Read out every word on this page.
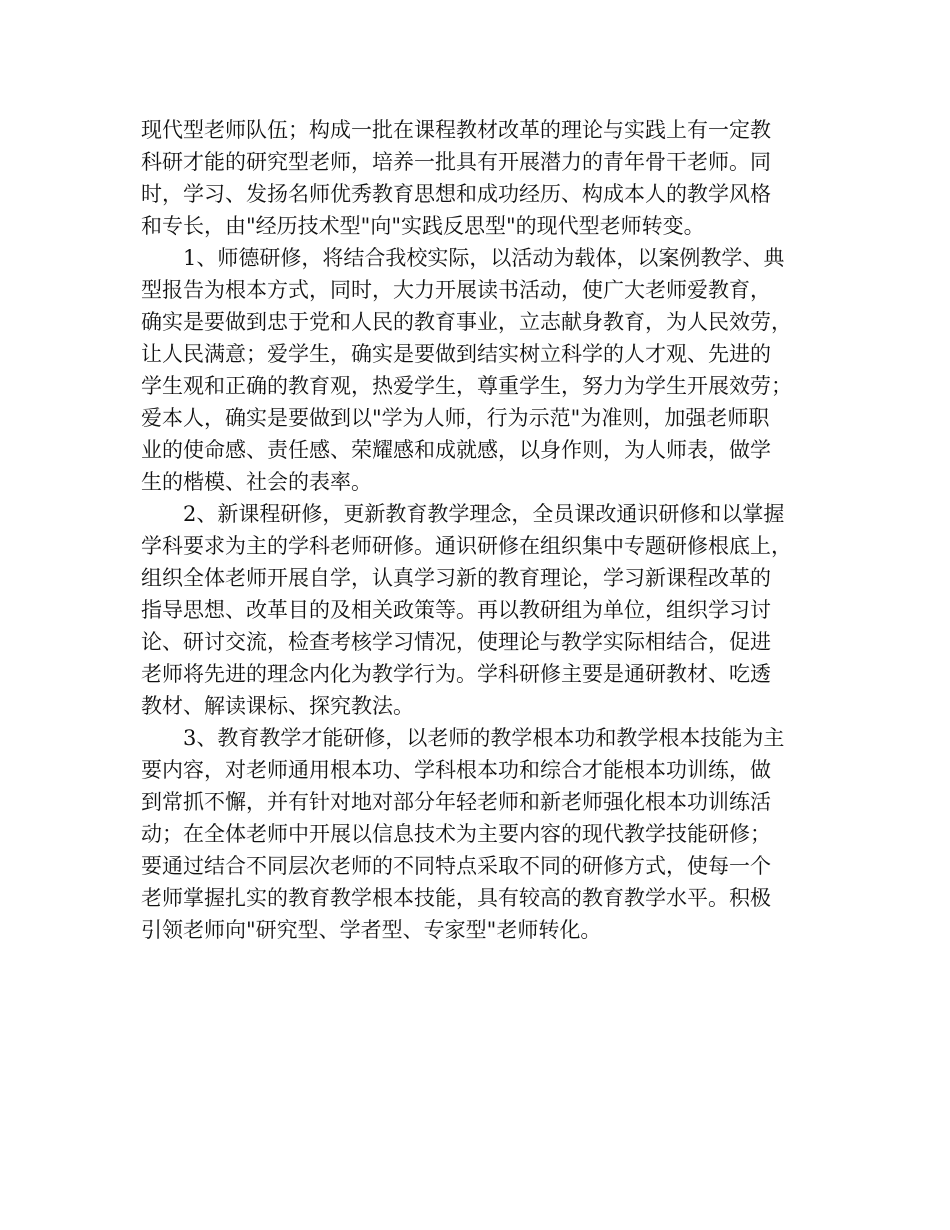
现代型老师队伍；构成一批在课程教材改革的理论与实践上有一定教
科研才能的研究型老师，培养一批具有开展潜力的青年骨干老师。同
时，学习、发扬名师优秀教育思想和成功经历、构成本人的教学风格
和专长，由"经历技术型"向"实践反思型"的现代型老师转变。
1、师德研修，将结合我校实际，以活动为载体，以案例教学、典
型报告为根本方式，同时，大力开展读书活动，使广大老师爱教育，
确实是要做到忠于党和人民的教育事业，立志献身教育，为人民效劳，
让人民满意；爱学生，确实是要做到结实树立科学的人才观、先进的
学生观和正确的教育观，热爱学生，尊重学生，努力为学生开展效劳；
爱本人，确实是要做到以"学为人师，行为示范"为准则，加强老师职
业的使命感、责任感、荣耀感和成就感，以身作则，为人师表，做学
生的楷模、社会的表率。
2、新课程研修，更新教育教学理念，全员课改通识研修和以掌握
学科要求为主的学科老师研修。通识研修在组织集中专题研修根底上，
组织全体老师开展自学，认真学习新的教育理论，学习新课程改革的
指导思想、改革目的及相关政策等。再以教研组为单位，组织学习讨
论、研讨交流，检查考核学习情况，使理论与教学实际相结合，促进
老师将先进的理念内化为教学行为。学科研修主要是通研教材、吃透
教材、解读课标、探究教法。
3、教育教学才能研修，以老师的教学根本功和教学根本技能为主
要内容，对老师通用根本功、学科根本功和综合才能根本功训练，做
到常抓不懈，并有针对地对部分年轻老师和新老师强化根本功训练活
动；在全体老师中开展以信息技术为主要内容的现代教学技能研修；
要通过结合不同层次老师的不同特点采取不同的研修方式，使每一个
老师掌握扎实的教育教学根本技能，具有较高的教育教学水平。积极
引领老师向"研究型、学者型、专家型"老师转化。
